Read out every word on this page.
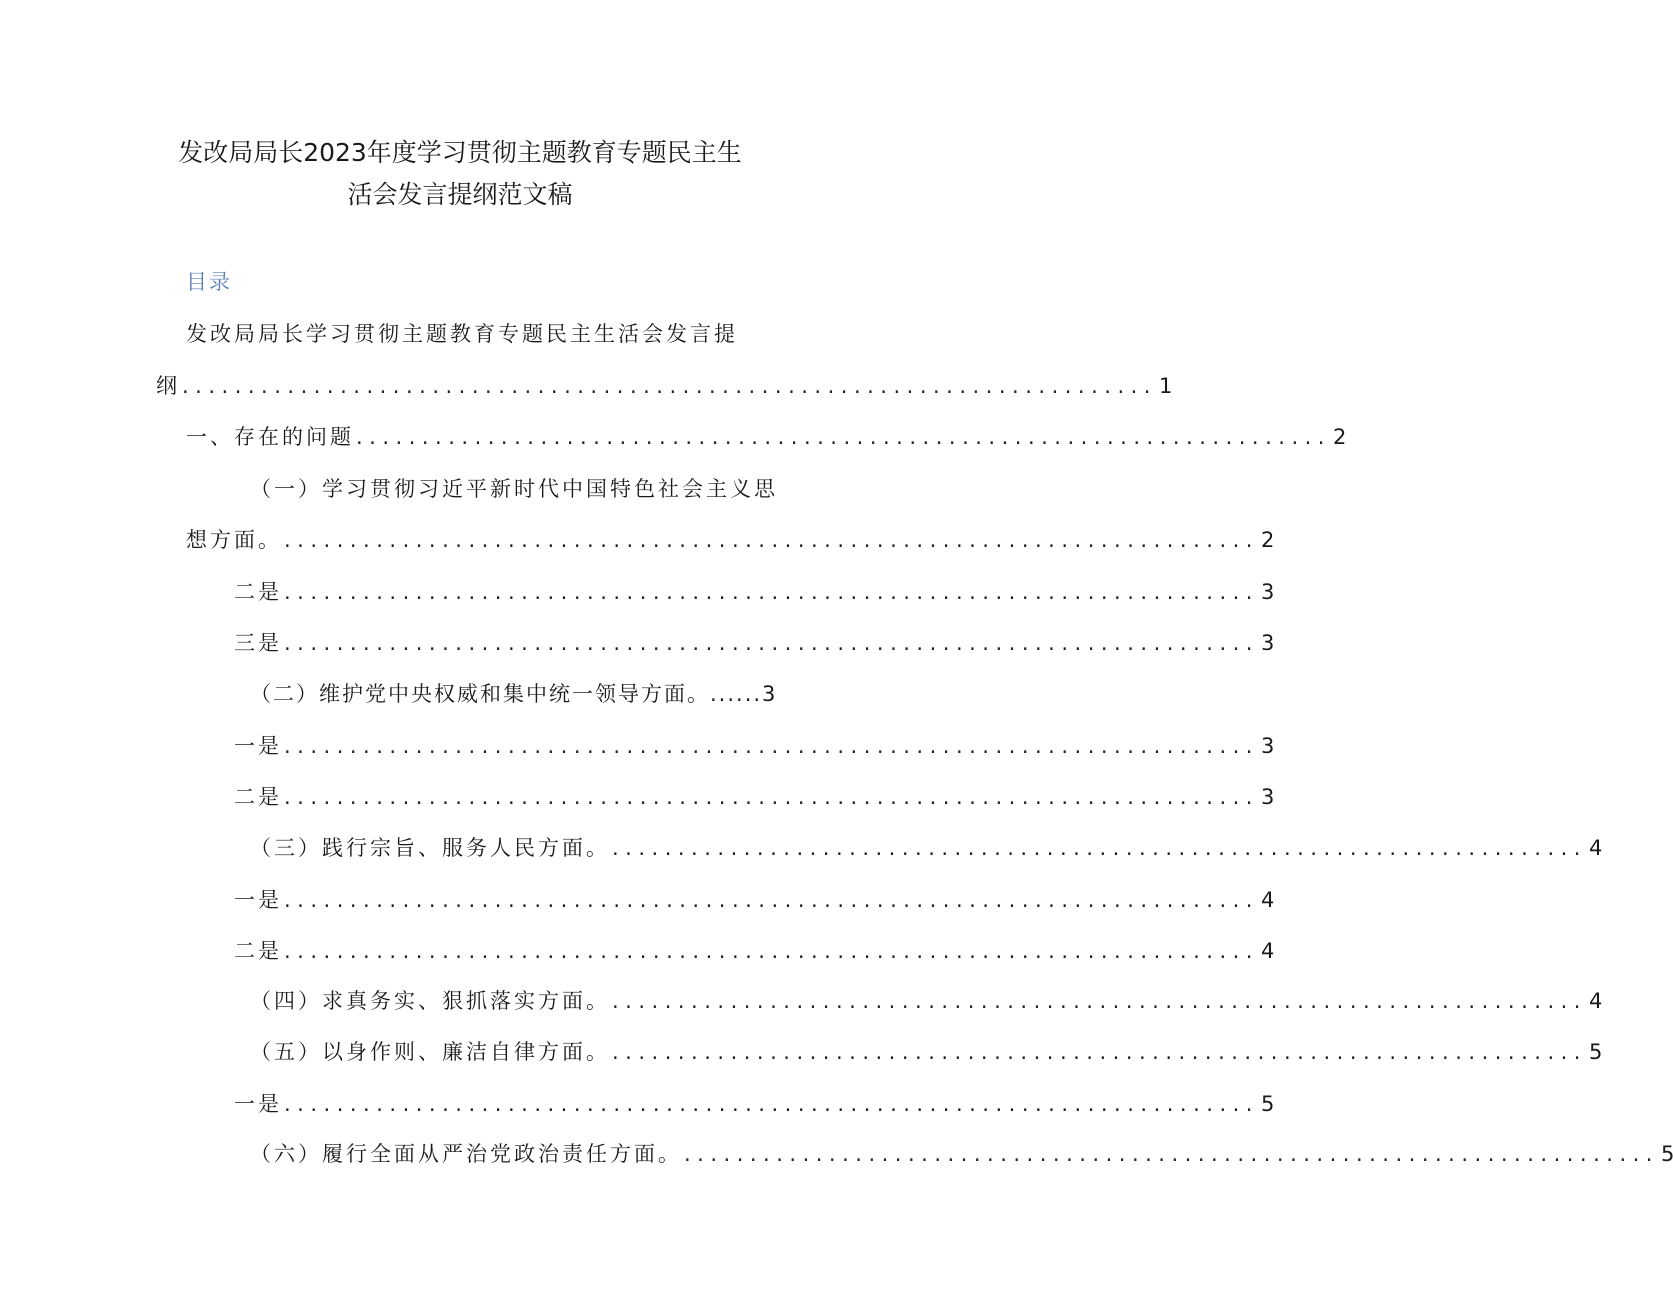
发改局局长2023年度学习贯彻主题教育专题民主生
活会发言提纲范文稿
目录
发改局局长学习贯彻主题教育专题民主生活会发言提
纲 .......................................................................... 1
一、存在的问题 .......................................................................... 2
（一）学习贯彻习近平新时代中国特色社会主义思
想方面。 .......................................................................... 2
二是 .......................................................................... 3
三是 .......................................................................... 3
（二）维护党中央权威和集中统一领导方面。......3
一是 .......................................................................... 3
二是 .......................................................................... 3
（三）践行宗旨、服务人民方面。 .......................................................................... 4
一是 .......................................................................... 4
二是 .......................................................................... 4
（四）求真务实、狠抓落实方面。 .......................................................................... 4
（五）以身作则、廉洁自律方面。 .......................................................................... 5
一是 .......................................................................... 5
（六）履行全面从严治党政治责任方面。 .......................................................................... 5
